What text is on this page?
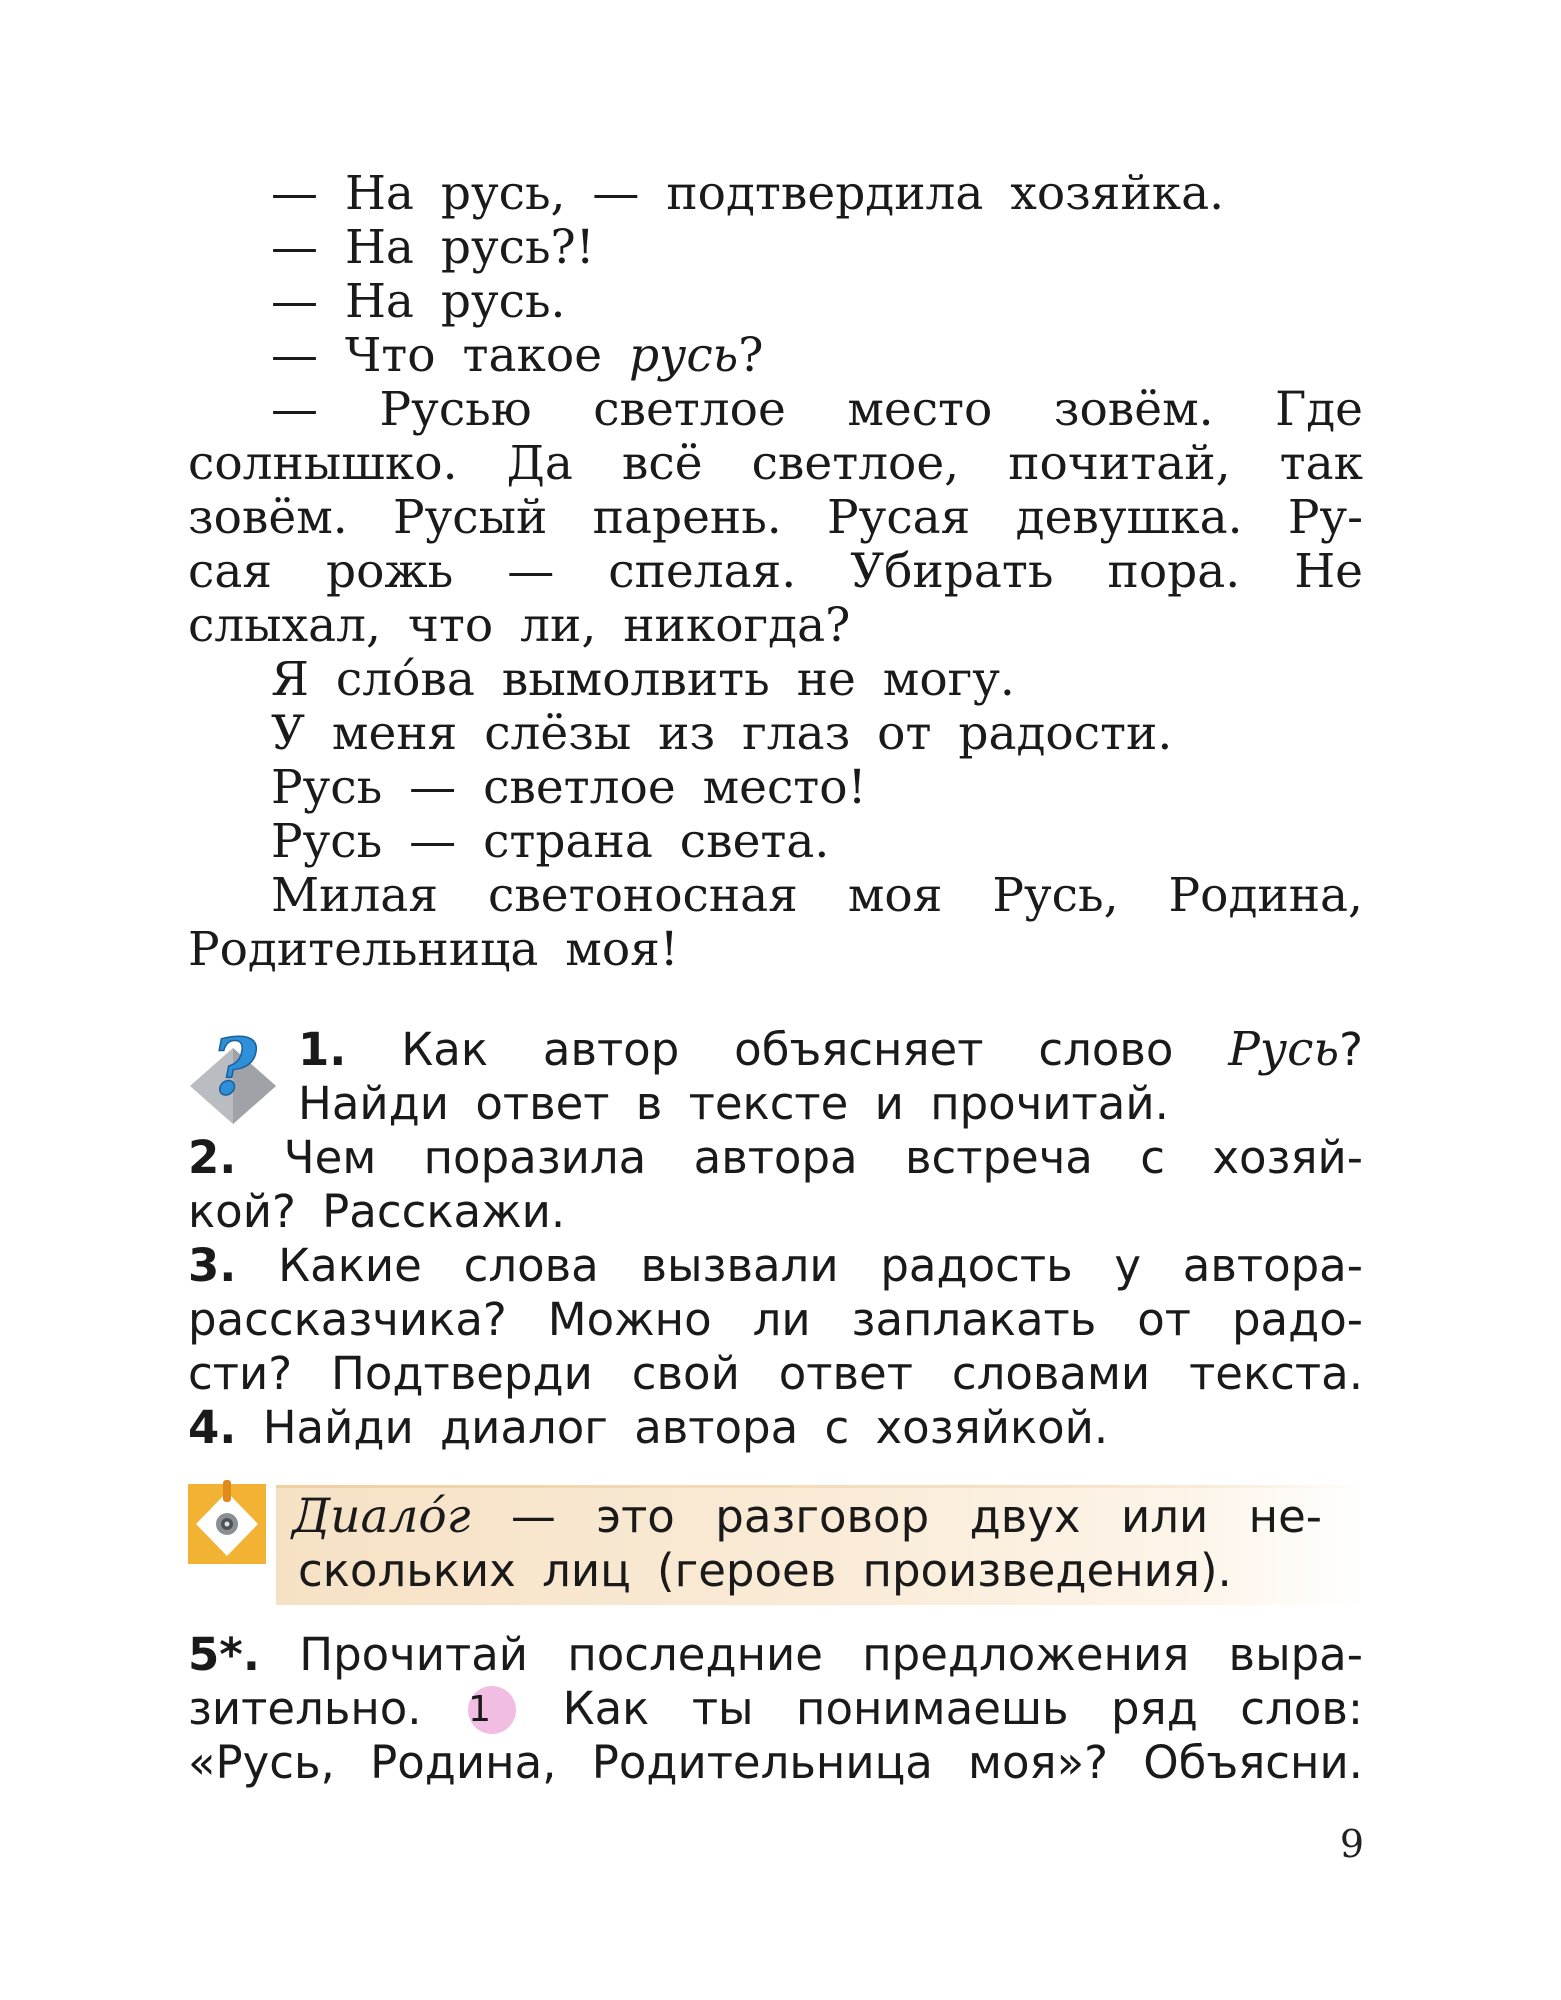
— На русь, — подтвердила хозяйка.
— На русь?!
— На русь.
— Что такое русь?
— Русью светлое место зовём. Где
солнышко. Да всё светлое, почитай, так
зовём. Русый парень. Русая девушка. Ру-
сая рожь — спелая. Убирать пора. Не
слыхал, что ли, никогда?
Я сло́ва вымолвить не могу.
У меня слёзы из глаз от радости.
Русь — светлое место!
Русь — страна света.
Милая светоносная моя Русь, Родина,
Родительница моя!
? 1. Как автор объясняет слово Русь?
Найди ответ в тексте и прочитай.
2. Чем поразила автора встреча с хозяй-
кой? Расскажи.
3. Какие слова вызвали радость у автора-
рассказчика? Можно ли заплакать от радо-
сти? Подтверди свой ответ словами текста.
4. Найди диалог автора с хозяйкой.
Диало́г — это разговор двух или не-
скольких лиц (героев произведения).
5*. Прочитай последние предложения выра-
зительно. 1 Как ты понимаешь ряд слов:
«Русь, Родина, Родительница моя»? Объясни.
9
